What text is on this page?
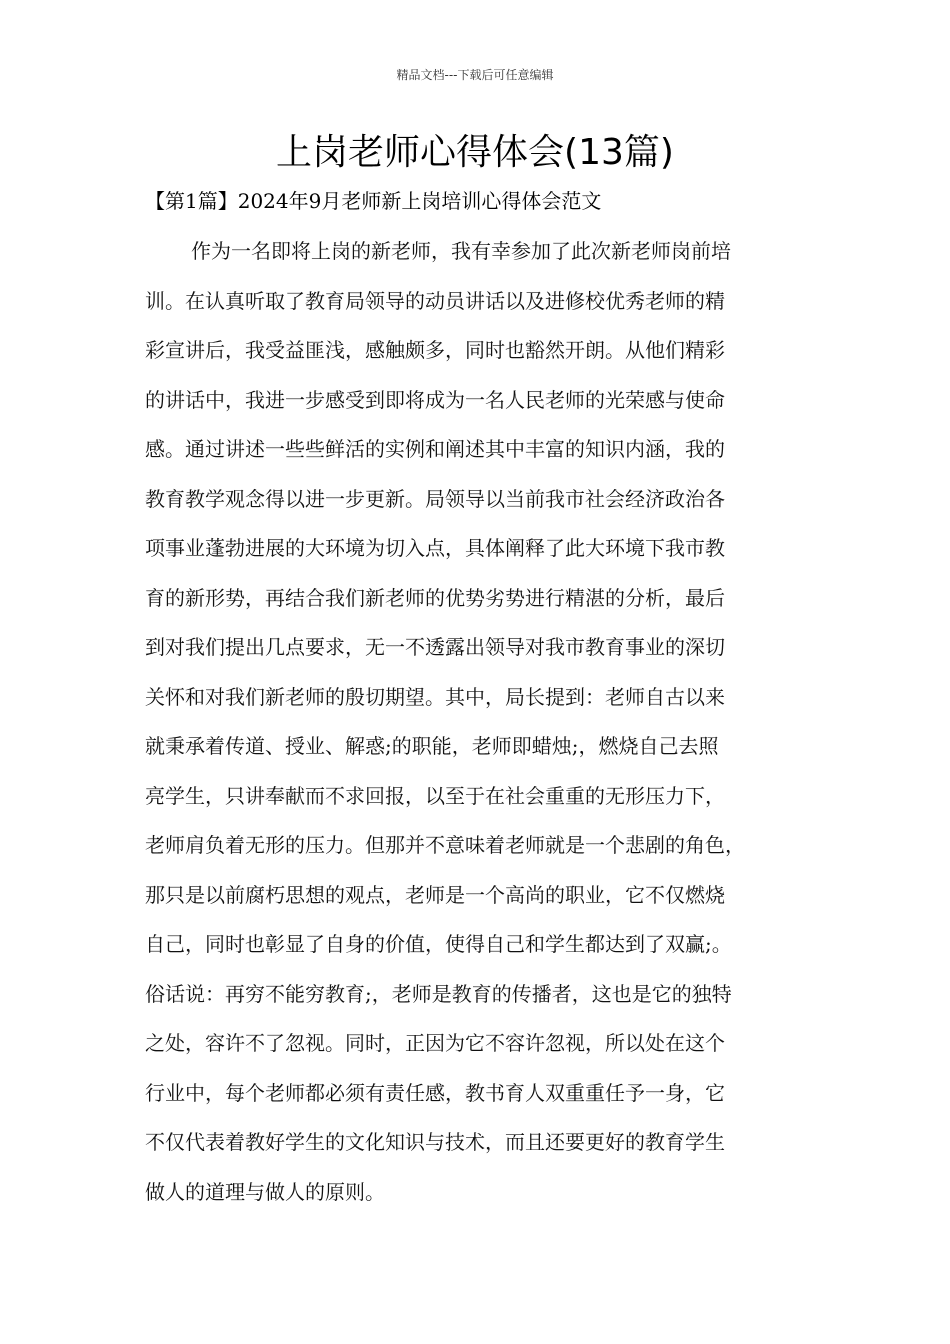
精品文档---下载后可任意编辑
上岗老师心得体会(13篇)
【第1篇】2024年9月老师新上岗培训心得体会范文
作为一名即将上岗的新老师，我有幸参加了此次新老师岗前培
训。在认真听取了教育局领导的动员讲话以及进修校优秀老师的精
彩宣讲后，我受益匪浅，感触颇多，同时也豁然开朗。从他们精彩
的讲话中，我进一步感受到即将成为一名人民老师的光荣感与使命
感。通过讲述一些些鲜活的实例和阐述其中丰富的知识内涵，我的
教育教学观念得以进一步更新。局领导以当前我市社会经济政治各
项事业蓬勃进展的大环境为切入点，具体阐释了此大环境下我市教
育的新形势，再结合我们新老师的优势劣势进行精湛的分析，最后
到对我们提出几点要求，无一不透露出领导对我市教育事业的深切
关怀和对我们新老师的殷切期望。其中，局长提到：老师自古以来
就秉承着传道、授业、解惑;的职能，老师即蜡烛;，燃烧自己去照
亮学生，只讲奉献而不求回报，以至于在社会重重的无形压力下，
老师肩负着无形的压力。但那并不意味着老师就是一个悲剧的角色，
那只是以前腐朽思想的观点，老师是一个高尚的职业，它不仅燃烧
自己，同时也彰显了自身的价值，使得自己和学生都达到了双赢;。
俗话说：再穷不能穷教育;，老师是教育的传播者，这也是它的独特
之处，容许不了忽视。同时，正因为它不容许忽视，所以处在这个
行业中，每个老师都必须有责任感，教书育人双重重任予一身，它
不仅代表着教好学生的文化知识与技术，而且还要更好的教育学生
做人的道理与做人的原则。
